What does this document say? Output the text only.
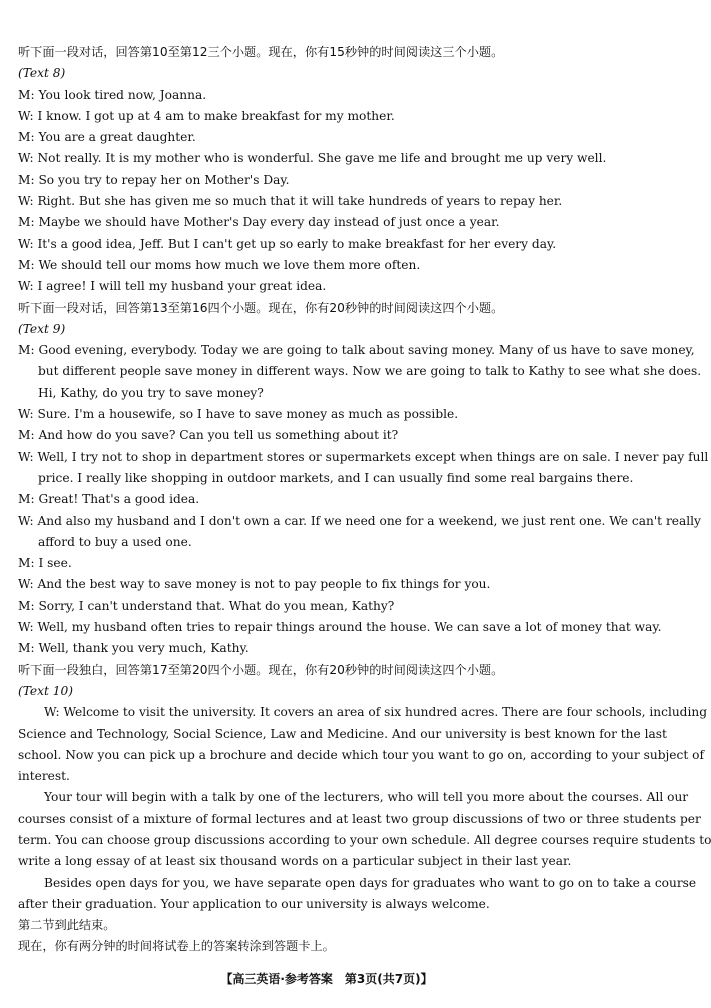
听下面一段对话，回答第10至第12三个小题。现在，你有15秒钟的时间阅读这三个小题。
(Text 8)
M: You look tired now, Joanna.
W: I know. I got up at 4 am to make breakfast for my mother.
M: You are a great daughter.
W: Not really. It is my mother who is wonderful. She gave me life and brought me up very well.
M: So you try to repay her on Mother's Day.
W: Right. But she has given me so much that it will take hundreds of years to repay her.
M: Maybe we should have Mother's Day every day instead of just once a year.
W: It's a good idea, Jeff. But I can't get up so early to make breakfast for her every day.
M: We should tell our moms how much we love them more often.
W: I agree! I will tell my husband your great idea.
听下面一段对话，回答第13至第16四个小题。现在，你有20秒钟的时间阅读这四个小题。
(Text 9)
M: Good evening, everybody. Today we are going to talk about saving money. Many of us have to save money,
but different people save money in different ways. Now we are going to talk to Kathy to see what she does.
Hi, Kathy, do you try to save money?
W: Sure. I'm a housewife, so I have to save money as much as possible.
M: And how do you save? Can you tell us something about it?
W: Well, I try not to shop in department stores or supermarkets except when things are on sale. I never pay full
price. I really like shopping in outdoor markets, and I can usually find some real bargains there.
M: Great! That's a good idea.
W: And also my husband and I don't own a car. If we need one for a weekend, we just rent one. We can't really
afford to buy a used one.
M: I see.
W: And the best way to save money is not to pay people to fix things for you.
M: Sorry, I can't understand that. What do you mean, Kathy?
W: Well, my husband often tries to repair things around the house. We can save a lot of money that way.
M: Well, thank you very much, Kathy.
听下面一段独白，回答第17至第20四个小题。现在，你有20秒钟的时间阅读这四个小题。
(Text 10)
W: Welcome to visit the university. It covers an area of six hundred acres. There are four schools, including
Science and Technology, Social Science, Law and Medicine. And our university is best known for the last
school. Now you can pick up a brochure and decide which tour you want to go on, according to your subject of
interest.
Your tour will begin with a talk by one of the lecturers, who will tell you more about the courses. All our
courses consist of a mixture of formal lectures and at least two group discussions of two or three students per
term. You can choose group discussions according to your own schedule. All degree courses require students to
write a long essay of at least six thousand words on a particular subject in their last year.
Besides open days for you, we have separate open days for graduates who want to go on to take a course
after their graduation. Your application to our university is always welcome.
第二节到此结束。
现在，你有两分钟的时间将试卷上的答案转涂到答题卡上。
【高三英语·参考答案　第3页(共7页)】
